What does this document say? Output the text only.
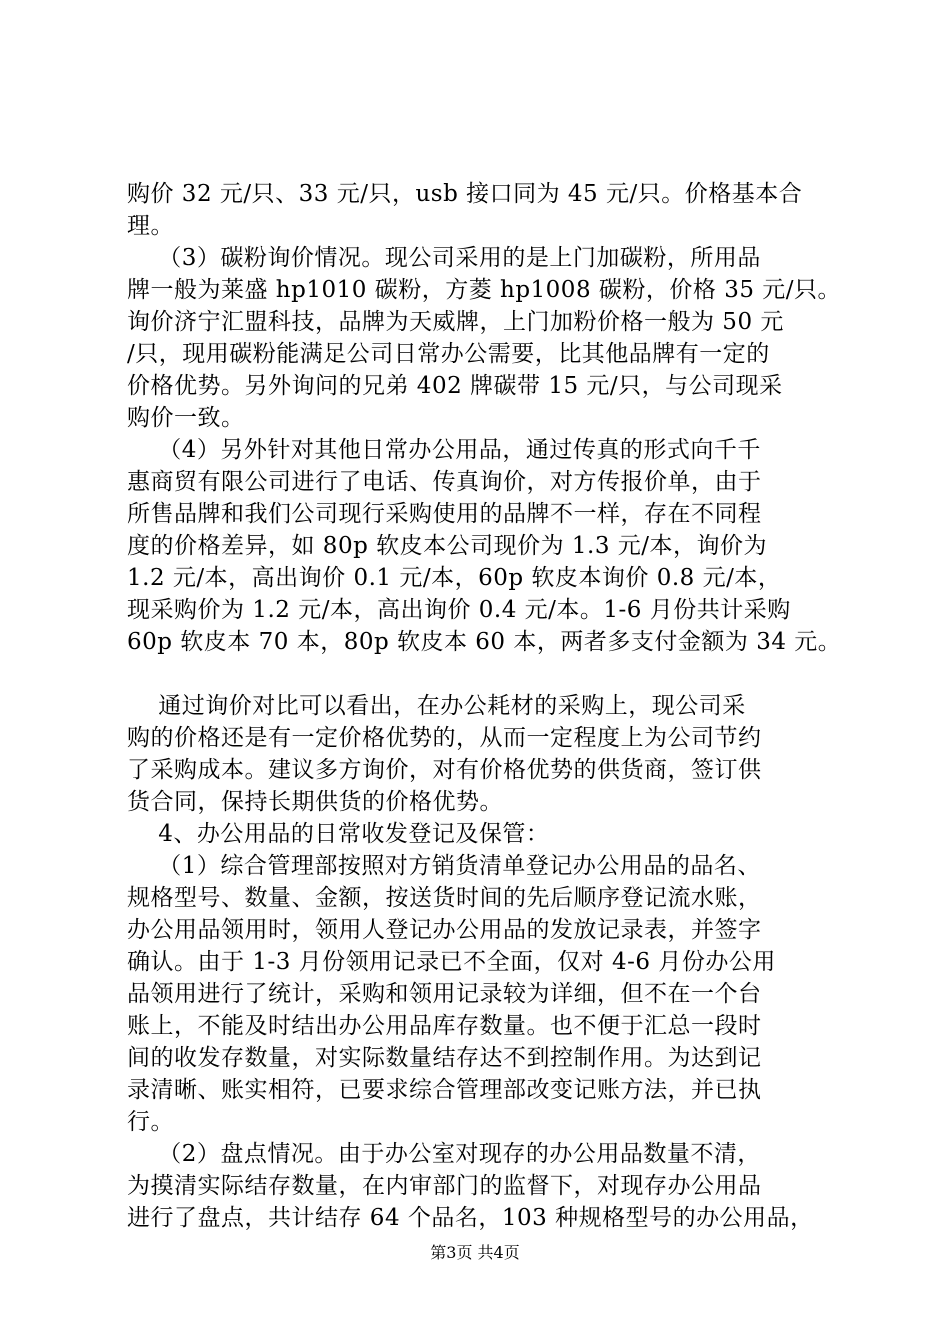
购价 32 元/只、33 元/只，usb 接口同为 45 元/只。价格基本合
理。
（3）碳粉询价情况。现公司采用的是上门加碳粉，所用品
牌一般为莱盛 hp1010 碳粉，方菱 hp1008 碳粉，价格 35 元/只。
询价济宁汇盟科技，品牌为天威牌，上门加粉价格一般为 50 元
/只，现用碳粉能满足公司日常办公需要，比其他品牌有一定的
价格优势。另外询问的兄弟 402 牌碳带 15 元/只，与公司现采
购价一致。
（4）另外针对其他日常办公用品，通过传真的形式向千千
惠商贸有限公司进行了电话、传真询价，对方传报价单，由于
所售品牌和我们公司现行采购使用的品牌不一样，存在不同程
度的价格差异，如 80p 软皮本公司现价为 1.3 元/本，询价为
1.2 元/本，高出询价 0.1 元/本，60p 软皮本询价 0.8 元/本，
现采购价为 1.2 元/本，高出询价 0.4 元/本。1-6 月份共计采购
60p 软皮本 70 本，80p 软皮本 60 本，两者多支付金额为 34 元。
通过询价对比可以看出，在办公耗材的采购上，现公司采
购的价格还是有一定价格优势的，从而一定程度上为公司节约
了采购成本。建议多方询价，对有价格优势的供货商，签订供
货合同，保持长期供货的价格优势。
4、办公用品的日常收发登记及保管：
（1）综合管理部按照对方销货清单登记办公用品的品名、
规格型号、数量、金额，按送货时间的先后顺序登记流水账，
办公用品领用时，领用人登记办公用品的发放记录表，并签字
确认。由于 1-3 月份领用记录已不全面，仅对 4-6 月份办公用
品领用进行了统计，采购和领用记录较为详细，但不在一个台
账上，不能及时结出办公用品库存数量。也不便于汇总一段时
间的收发存数量，对实际数量结存达不到控制作用。为达到记
录清晰、账实相符，已要求综合管理部改变记账方法，并已执
行。
（2）盘点情况。由于办公室对现存的办公用品数量不清，
为摸清实际结存数量，在内审部门的监督下，对现存办公用品
进行了盘点，共计结存 64 个品名，103 种规格型号的办公用品，
第3页 共4页
